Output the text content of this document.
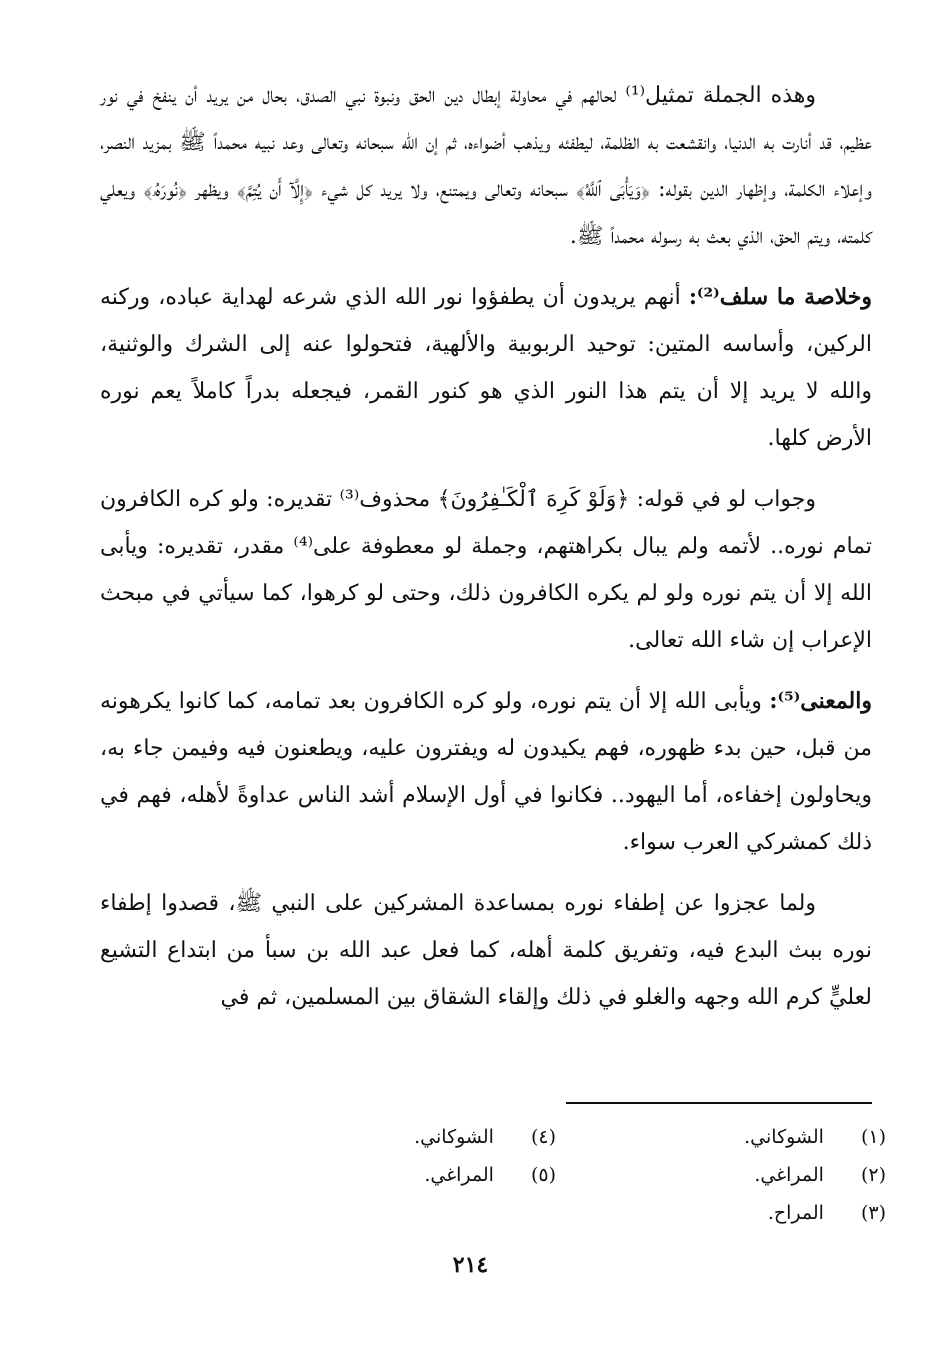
وهذه الجملة تمثيل⁽¹⁾ لحالهم في محاولة إبطال دين الحق ونبوة نبي الصدق، بحال من يريد أن ينفخ في نور عظيم، قد أنارت به الدنيا، وانقشعت به الظلمة، ليطفئه ويذهب أضواءه، ثم إن الله سبحانه وتعالى وعد نبيه محمداً ﷺ بمزيد النصر، وإعلاء الكلمة، وإظهار الدين بقوله: ﴿وَيَأْبَى ٱللَّهُ﴾ سبحانه وتعالى ويمتنع، ولا يريد كل شيء ﴿إِلَّآ أَن يُتِمَّ﴾ ويظهر ﴿نُورَهُۥ﴾ ويعلي كلمته، ويتم الحق، الذي بعث به رسوله محمداً ﷺ.

وخلاصة ما سلف⁽²⁾: أنهم يريدون أن يطفؤوا نور الله الذي شرعه لهداية عباده، وركنه الركين، وأساسه المتين: توحيد الربوبية والألهية، فتحولوا عنه إلى الشرك والوثنية، والله لا يريد إلا أن يتم هذا النور الذي هو كنور القمر، فيجعله بدراً كاملاً يعم نوره الأرض كلها.

وجواب لو في قوله: ﴿وَلَوْ كَرِهَ ٱلْكَـٰفِرُونَ﴾ محذوف⁽³⁾ تقديره: ولو كره الكافرون تمام نوره.. لأتمه ولم يبال بكراهتهم، وجملة لو معطوفة على⁽⁴⁾ مقدر، تقديره: ويأبى الله إلا أن يتم نوره ولو لم يكره الكافرون ذلك، وحتى لو كرهوا، كما سيأتي في مبحث الإعراب إن شاء الله تعالى.

والمعنى⁽⁵⁾: ويأبى الله إلا أن يتم نوره، ولو كره الكافرون بعد تمامه، كما كانوا يكرهونه من قبل، حين بدء ظهوره، فهم يكيدون له ويفترون عليه، ويطعنون فيه وفيمن جاء به، ويحاولون إخفاءه، أما اليهود.. فكانوا في أول الإسلام أشد الناس عداوةً لأهله، فهم في ذلك كمشركي العرب سواء.

ولما عجزوا عن إطفاء نوره بمساعدة المشركين على النبي ﷺ، قصدوا إطفاء نوره ببث البدع فيه، وتفريق كلمة أهله، كما فعل عبد الله بن سبأ من ابتداع التشيع لعليٍّ كرم الله وجهه والغلو في ذلك وإلقاء الشقاق بين المسلمين، ثم في

(١) الشوكاني.
(٤) الشوكاني.
(٢) المراغي.
(٥) المراغي.
(٣) المراح.
٢١٤
